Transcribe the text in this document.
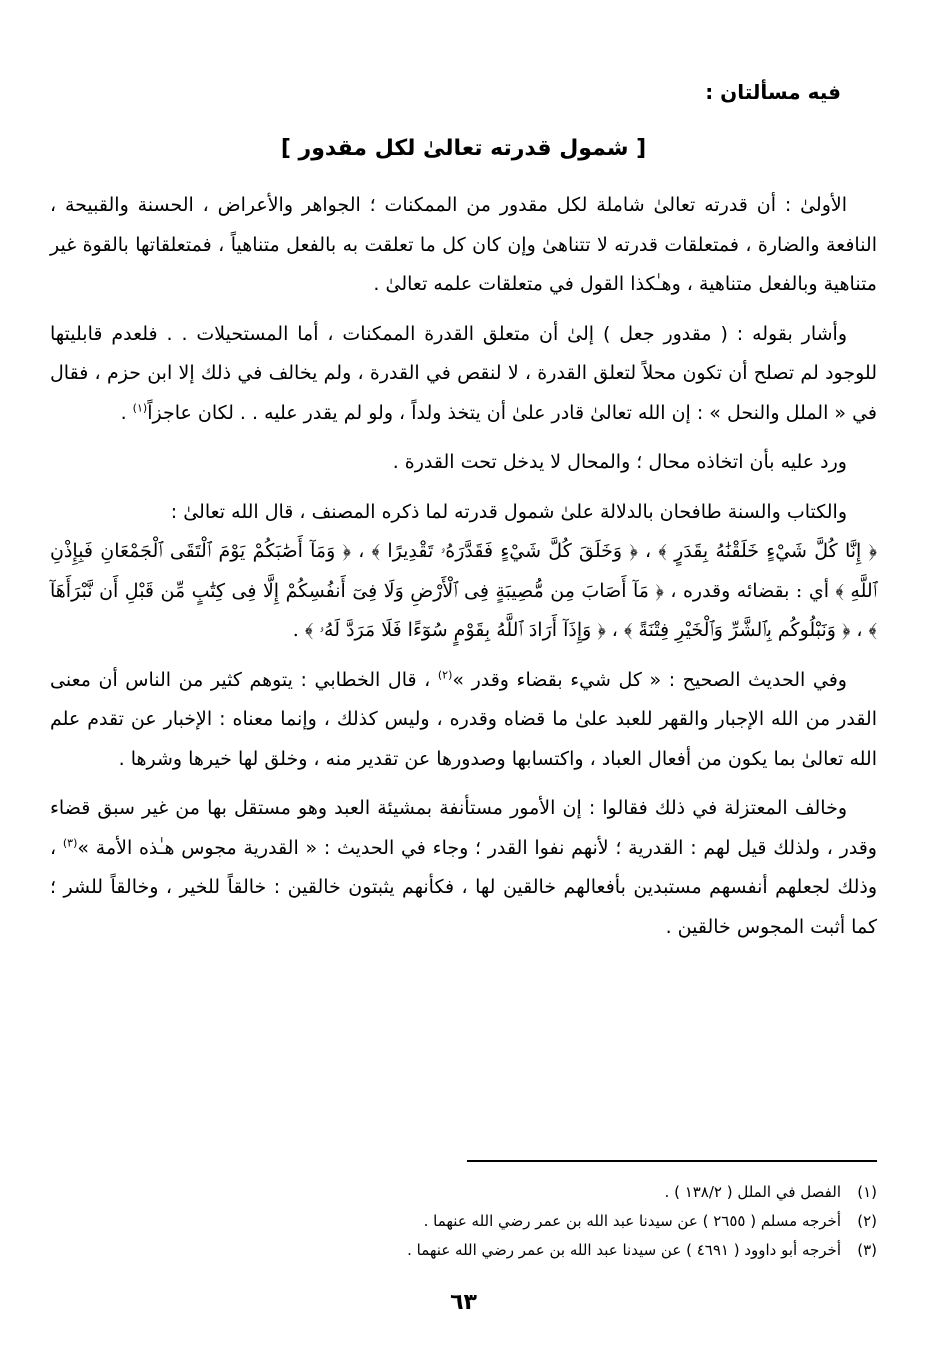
فيه مسألتان :

[ شمول قدرته تعالىٰ لكل مقدور ]

الأولىٰ : أن قدرته تعالىٰ شاملة لكل مقدور من الممكنات ؛ الجواهر والأعراض ، الحسنة والقبيحة ، النافعة والضارة ، فمتعلقات قدرته لا تتناهىٰ وإن كان كل ما تعلقت به بالفعل متناهياً ، فمتعلقاتها بالقوة غير متناهية وبالفعل متناهية ، وهـٰكذا القول في متعلقات علمه تعالىٰ .

وأشار بقوله : ( مقدور جعل ) إلىٰ أن متعلق القدرة الممكنات ، أما المستحيلات . . فلعدم قابليتها للوجود لم تصلح أن تكون محلاً لتعلق القدرة ، لا لنقص في القدرة ، ولم يخالف في ذلك إلا ابن حزم ، فقال في « الملل والنحل » : إن الله تعالىٰ قادر علىٰ أن يتخذ ولداً ، ولو لم يقدر عليه . . لكان عاجزاً$^{(١)}$ .

ورد عليه بأن اتخاذه محال ؛ والمحال لا يدخل تحت القدرة .

والكتاب والسنة طافحان بالدلالة علىٰ شمول قدرته لما ذكره المصنف ، قال الله تعالىٰ :

﴿ إِنَّا كُلَّ شَيْءٍ خَلَقْنَٰهُ بِقَدَرٍ ﴾ ، ﴿ وَخَلَقَ كُلَّ شَيْءٍ فَقَدَّرَهُۥ تَقْدِيرًا ﴾ ، ﴿ وَمَآ أَصَٰبَكُمْ يَوْمَ ٱلْتَقَى ٱلْجَمْعَانِ فَبِإِذْنِ ٱللَّهِ ﴾ أي : بقضائه وقدره ، ﴿ مَآ أَصَابَ مِن مُّصِيبَةٍ فِى ٱلْأَرْضِ وَلَا فِىٓ أَنفُسِكُمْ إِلَّا فِى كِتَٰبٍ مِّن قَبْلِ أَن نَّبْرَأَهَآ ﴾ ، ﴿ وَنَبْلُوكُم بِٱلشَّرِّ وَٱلْخَيْرِ فِتْنَةً ﴾ ، ﴿ وَإِذَآ أَرَادَ ٱللَّهُ بِقَوْمٍ سُوٓءًا فَلَا مَرَدَّ لَهُۥ ﴾ .

وفي الحديث الصحيح : « كل شيء بقضاء وقدر »$^{(٢)}$ ، قال الخطابي : يتوهم كثير من الناس أن معنى القدر من الله الإجبار والقهر للعبد علىٰ ما قضاه وقدره ، وليس كذلك ، وإنما معناه : الإخبار عن تقدم علم الله تعالىٰ بما يكون من أفعال العباد ، واكتسابها وصدورها عن تقدير منه ، وخلق لها خيرها وشرها .

وخالف المعتزلة في ذلك فقالوا : إن الأمور مستأنفة بمشيئة العبد وهو مستقل بها من غير سبق قضاء وقدر ، ولذلك قيل لهم : القدرية ؛ لأنهم نفوا القدر ؛ وجاء في الحديث : « القدرية مجوس هـٰذه الأمة »$^{(٣)}$ ، وذلك لجعلهم أنفسهم مستبدين بأفعالهم خالقين لها ، فكأنهم يثبتون خالقين : خالقاً للخير ، وخالقاً للشر ؛ كما أثبت المجوس خالقين .

(١)
الفصل في الملل ( ١٣٨/٢ ) .
(٢)
أخرجه مسلم ( ٢٦٥٥ ) عن سيدنا عبد الله بن عمر رضي الله عنهما .
(٣)
أخرجه أبو داوود ( ٤٦٩١ ) عن سيدنا عبد الله بن عمر رضي الله عنهما .
٦٣
